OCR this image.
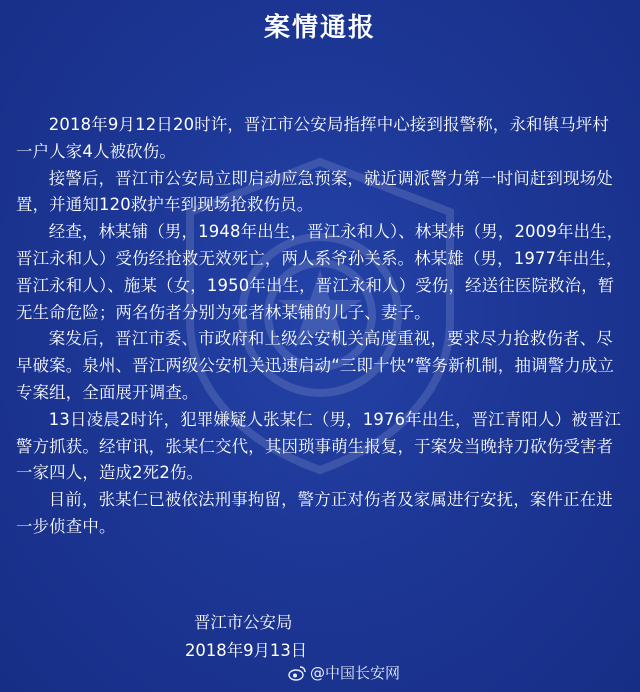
案情通报

2018年9月12日20时许，晋江市公安局指挥中心接到报警称，永和镇马坪村一户人家4人被砍伤。

接警后，晋江市公安局立即启动应急预案，就近调派警力第一时间赶到现场处置，并通知120救护车到现场抢救伤员。

经查，林某铺（男，1948年出生，晋江永和人）、林某炜（男，2009年出生，晋江永和人）受伤经抢救无效死亡，两人系爷孙关系。林某雄（男，1977年出生，晋江永和人）、施某（女，1950年出生，晋江永和人）受伤，经送往医院救治，暂无生命危险；两名伤者分别为死者林某铺的儿子、妻子。

案发后，晋江市委、市政府和上级公安机关高度重视，要求尽力抢救伤者、尽早破案。泉州、晋江两级公安机关迅速启动“三即十快”警务新机制，抽调警力成立专案组，全面展开调查。

13日凌晨2时许，犯罪嫌疑人张某仁（男，1976年出生，晋江青阳人）被晋江警方抓获。经审讯，张某仁交代，其因琐事萌生报复，于案发当晚持刀砍伤受害者一家四人，造成2死2伤。

目前，张某仁已被依法刑事拘留，警方正对伤者及家属进行安抚，案件正在进一步侦查中。

晋江市公安局
2018年9月13日
@中国长安网
